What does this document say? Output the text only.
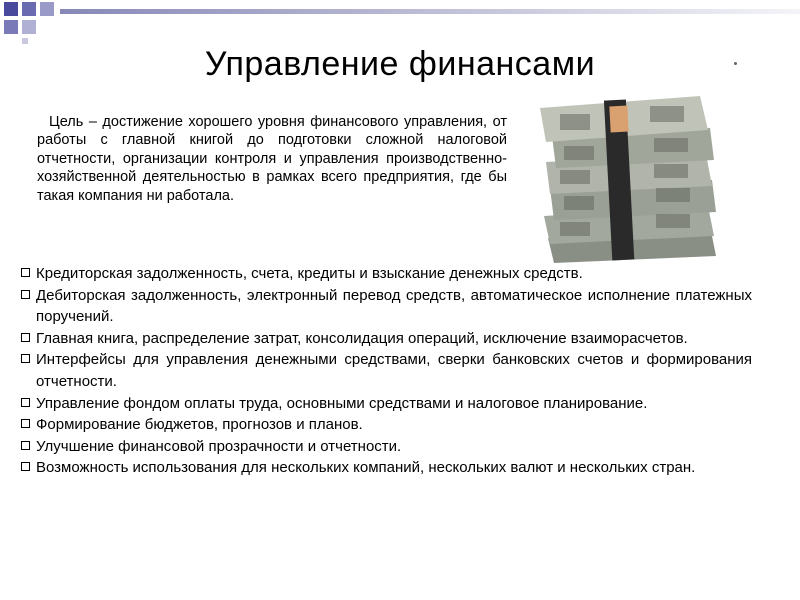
Управление финансами
Цель – достижение хорошего уровня финансового управления, от работы с главной книгой до подготовки сложной налоговой отчетности, организации контроля и управления производственно-хозяйственной деятельностью в рамках всего предприятия, где бы такая компания ни работала.
Кредиторская задолженность, счета, кредиты и взыскание денежных средств.
Дебиторская задолженность, электронный перевод средств, автоматическое исполнение платежных поручений.
Главная книга, распределение затрат, консолидация операций, исключение взаиморасчетов.
Интерфейсы для управления денежными средствами, сверки банковских счетов и формирования отчетности.
Управление фондом оплаты труда, основными средствами и налоговое планирование.
Формирование бюджетов, прогнозов и планов.
Улучшение финансовой прозрачности и отчетности.
Возможность использования для нескольких компаний, нескольких валют и нескольких стран.
